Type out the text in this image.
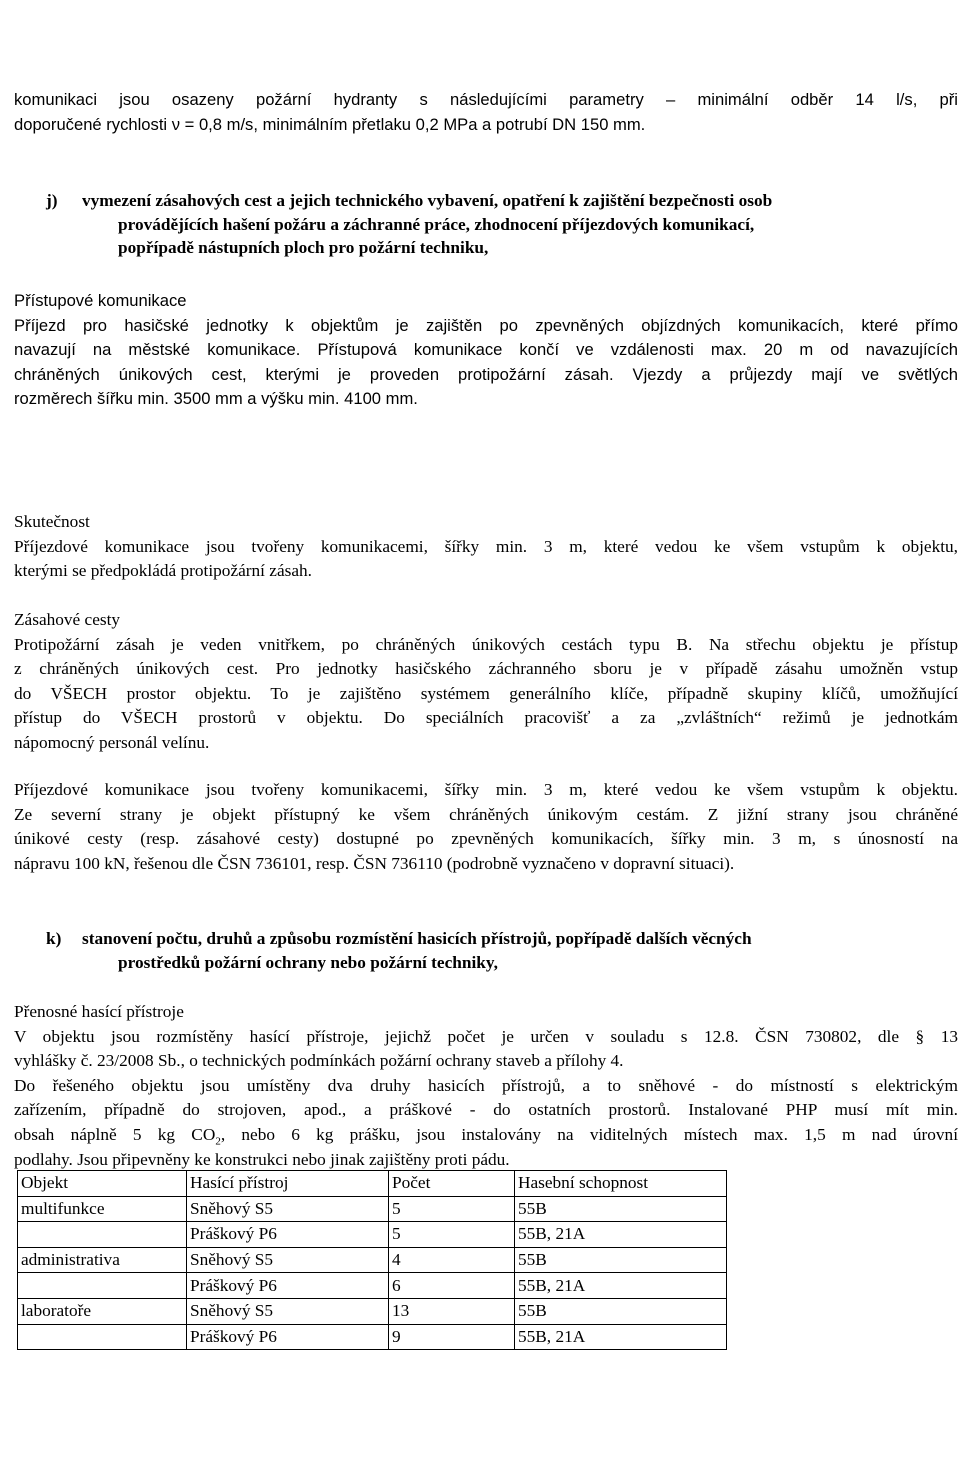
komunikaci jsou osazeny požární hydranty s následujícími parametry – minimální odběr 14 l/s, při

doporučené rychlosti ν = 0,8 m/s, minimálním přetlaku 0,2 MPa a potrubí DN 150 mm.

j) vymezení zásahových cest a jejich technického vybavení, opatření k zajištění bezpečnosti osob
provádějících hašení požáru a záchranné práce, zhodnocení příjezdových komunikací,
popřípadě nástupních ploch pro požární techniku,

Přístupové komunikace

Příjezd pro hasičské jednotky k objektům je zajištěn po zpevněných objízdných komunikacích, které přímo

navazují na městské komunikace. Přístupová komunikace končí ve vzdálenosti max. 20 m od navazujících

chráněných únikových cest, kterými je proveden protipožární zásah. Vjezdy a průjezdy mají ve světlých

rozměrech šířku min. 3500 mm a výšku min. 4100 mm.

Skutečnost

Příjezdové komunikace jsou tvořeny komunikacemi, šířky min. 3 m, které vedou ke všem vstupům k objektu,

kterými se předpokládá protipožární zásah.

Zásahové cesty

Protipožární zásah je veden vnitřkem, po chráněných únikových cestách typu B. Na střechu objektu je přístup

z chráněných únikových cest. Pro jednotky hasičského záchranného sboru je v případě zásahu umožněn vstup

do VŠECH prostor objektu. To je zajištěno systémem generálního klíče, případně skupiny klíčů, umožňující

přístup do VŠECH prostorů v objektu. Do speciálních pracovišť a za „zvláštních“ režimů je jednotkám

nápomocný personál velínu.

Příjezdové komunikace jsou tvořeny komunikacemi, šířky min. 3 m, které vedou ke všem vstupům k objektu.

Ze severní strany je objekt přístupný ke všem chráněných únikovým cestám. Z jižní strany jsou chráněné

únikové cesty (resp. zásahové cesty) dostupné po zpevněných komunikacích, šířky min. 3 m, s únosností na

nápravu 100 kN, řešenou dle ČSN 736101, resp. ČSN 736110 (podrobně vyznačeno v dopravní situaci).

k) stanovení počtu, druhů a způsobu rozmístění hasicích přístrojů, popřípadě dalších věcných
prostředků požární ochrany nebo požární techniky,

Přenosné hasící přístroje

V objektu jsou rozmístěny hasící přístroje, jejichž počet je určen v souladu s 12.8. ČSN 730802, dle § 13

vyhlášky č. 23/2008 Sb., o technických podmínkách požární ochrany staveb a přílohy 4.

Do řešeného objektu jsou umístěny dva druhy hasicích přístrojů, a to sněhové - do místností s elektrickým

zařízením, případně do strojoven, apod., a práškové - do ostatních prostorů. Instalované PHP musí mít min.

obsah náplně 5 kg $CO_2$, nebo 6 kg prášku, jsou instalovány na viditelných místech max. 1,5 m nad úrovní

podlahy. Jsou připevněny ke konstrukci nebo jinak zajištěny proti pádu.

Objekt	Hasící přístroj	Počet	Hasební schopnost
multifunkce	Sněhový S5	5	55B
	Práškový P6	5	55B, 21A
administrativa	Sněhový S5	4	55B
	Práškový P6	6	55B, 21A
laboratoře	Sněhový S5	13	55B
	Práškový P6	9	55B, 21A
